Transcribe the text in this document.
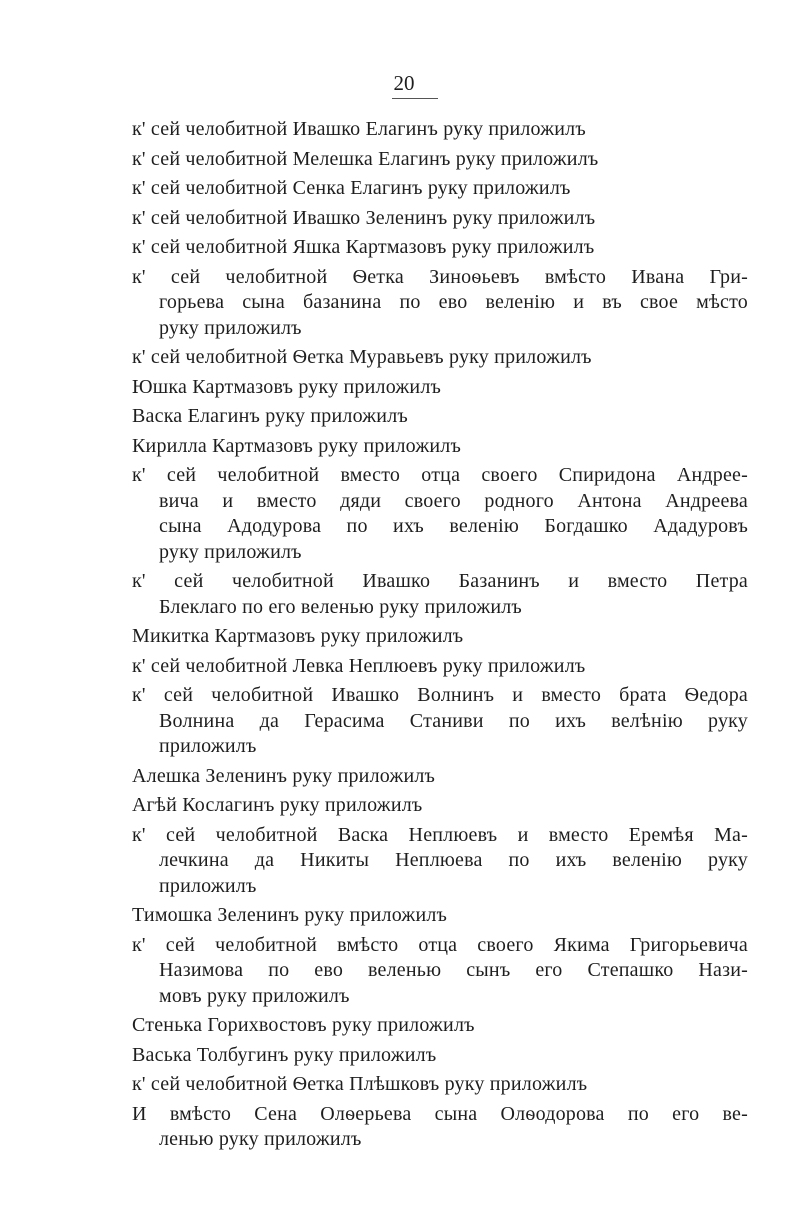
20
к' сей челобитной Ивашко Елагинъ руку приложилъ
к' сей челобитной Мелешка Елагинъ руку приложилъ
к' сей челобитной Сенка Елагинъ руку приложилъ
к' сей челобитной Ивашко Зеленинъ руку приложилъ
к' сей челобитной Яшка Картмазовъ руку приложилъ
к' сей челобитной Ѳетка Зиноѳьевъ вмѣсто Ивана Гри-
горьева сына базанина по ево веленiю и въ свое мѣсто
руку приложилъ
к' сей челобитной Ѳетка Муравьевъ руку приложилъ
Юшка Картмазовъ руку приложилъ
Васка Елагинъ руку приложилъ
Кирилла Картмазовъ руку приложилъ
к' сей челобитной вместо отца своего Спиридона Андрее-
вича и вместо дяди своего родного Антона Андреева
сына Адодурова по ихъ веленiю Богдашко Ададуровъ
руку приложилъ
к' сей челобитной Ивашко Базанинъ и вместо Петра
Блеклаго по его веленью руку приложилъ
Микитка Картмазовъ руку приложилъ
к' сей челобитной Левка Неплюевъ руку приложилъ
к' сей челобитной Ивашко Волнинъ и вместо брата Ѳедора
Волнина да Герасима Станиви по ихъ велѣнiю руку
приложилъ
Алешка Зеленинъ руку приложилъ
Агѣй Кослагинъ руку приложилъ
к' сей челобитной Васка Неплюевъ и вместо Еремѣя Ма-
лечкина да Никиты Неплюева по ихъ веленiю руку
приложилъ
Тимошка Зеленинъ руку приложилъ
к' сей челобитной вмѣсто отца своего Якима Григорьевича
Назимова по ево веленью сынъ его Степашко Нази-
мовъ руку приложилъ
Стенька Горихвостовъ руку приложилъ
Васька Толбугинъ руку приложилъ
к' сей челобитной Ѳетка Плѣшковъ руку приложилъ
И вмѣсто Сена Олѳерьева сына Олѳодорова по его ве-
ленью руку приложилъ
